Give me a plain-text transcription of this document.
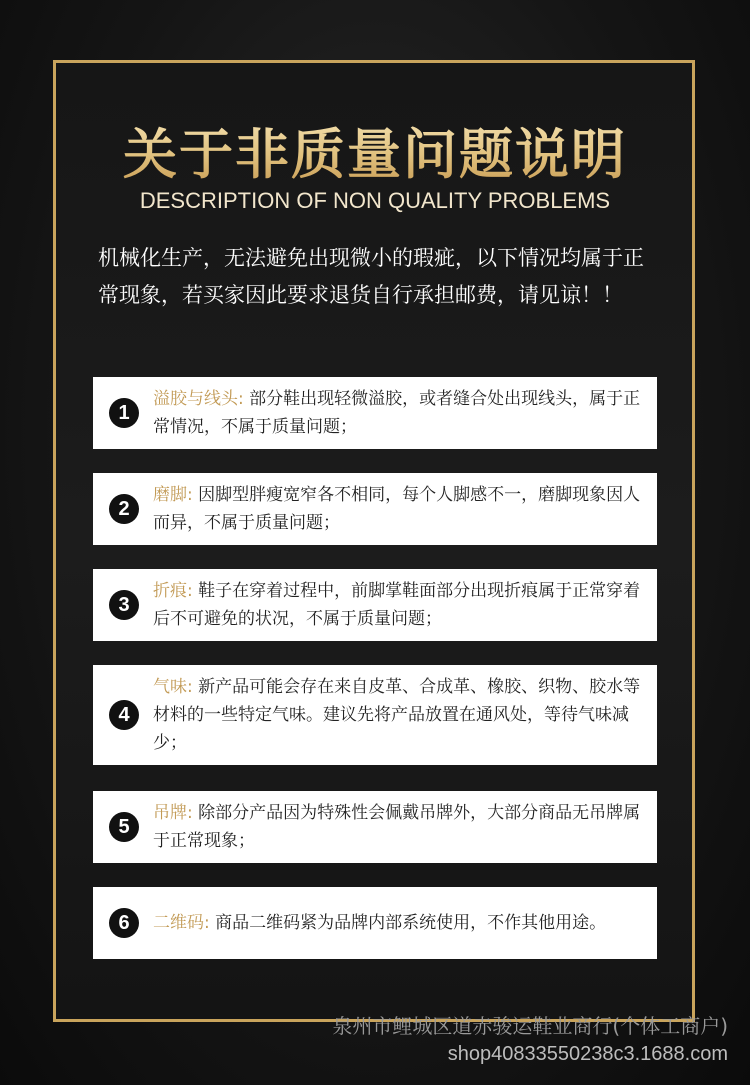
关于非质量问题说明
DESCRIPTION OF NON QUALITY PROBLEMS
机械化生产，无法避免出现微小的瑕疵，以下情况均属于正常现象，若买家因此要求退货自行承担邮费，请见谅！！
1
溢胶与线头: 部分鞋出现轻微溢胶，或者缝合处出现线头，属于正常情况，不属于质量问题；
2
磨脚: 因脚型胖瘦宽窄各不相同，每个人脚感不一，磨脚现象因人而异，不属于质量问题；
3
折痕: 鞋子在穿着过程中，前脚掌鞋面部分出现折痕属于正常穿着后不可避免的状况，不属于质量问题；
4
气味: 新产品可能会存在来自皮革、合成革、橡胶、织物、胶水等材料的一些特定气味。建议先将产品放置在通风处，等待气味减少；
5
吊牌: 除部分产品因为特殊性会佩戴吊牌外，大部分商品无吊牌属于正常现象；
6	二维码: 商品二维码紧为品牌内部系统使用，不作其他用途。
泉州市鲤城区道赤骏运鞋业商行(个体工商户)
shop40833550238c3.1688.com
